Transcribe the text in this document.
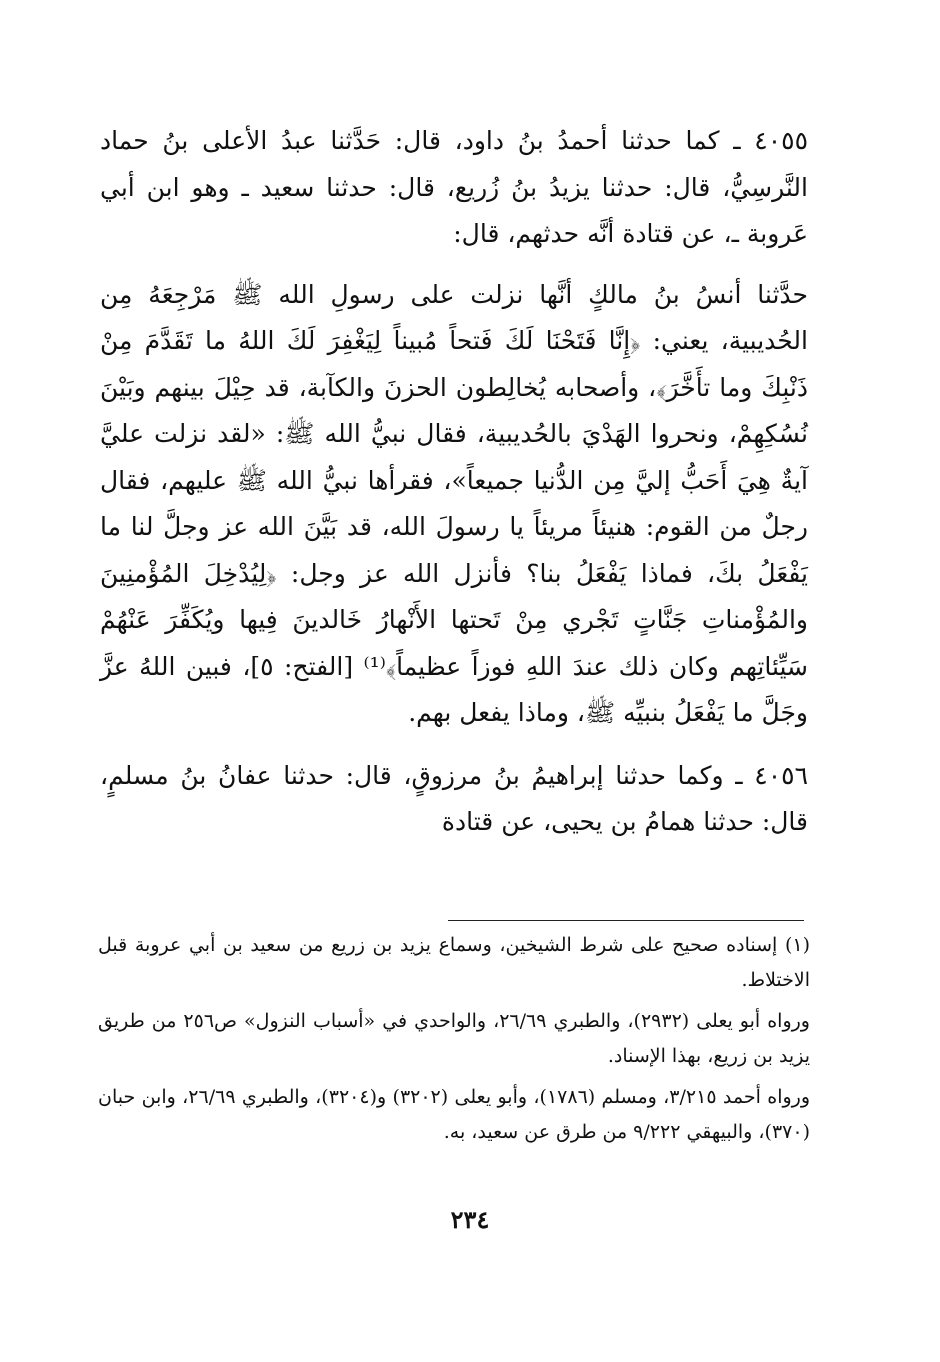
٤٠٥٥ ـ كما حدثنا أحمدُ بنُ داود، قال: حَدَّثنا عبدُ الأعلى بنُ حماد النَّرسِيُّ، قال: حدثنا يزيدُ بنُ زُريع، قال: حدثنا سعيد ـ وهو ابن أبي عَروبة ـ، عن قتادة أنَّه حدثهم، قال:

حدَّثنا أنسُ بنُ مالكٍ أنَّها نزلت على رسولِ الله ﷺ مَرْجِعَهُ مِن الحُديبية، يعني: ﴿إِنَّا فَتَحْنَا لَكَ فَتحاً مُبيناً لِيَغْفِرَ لَكَ اللهُ ما تَقَدَّمَ مِنْ ذَنْبِكَ وما تأَخَّرَ﴾، وأصحابه يُخالِطون الحزنَ والكآبة، قد حِيْلَ بينهم وبَيْنَ نُسُكِهِمْ، ونحروا الهَدْيَ بالحُديبية، فقال نبيُّ الله ﷺ: «لقد نزلت عليَّ آيةٌ هِيَ أَحَبُّ إليَّ مِن الدُّنيا جميعاً»، فقرأها نبيُّ الله ﷺ عليهم، فقال رجلٌ من القوم: هنيئاً مريئاً يا رسولَ الله، قد بَيَّنَ الله عز وجلَّ لنا ما يَفْعَلُ بكَ، فماذا يَفْعَلُ بنا؟ فأنزل الله عز وجل: ﴿لِيُدْخِلَ المُؤْمنِينَ والمُؤْمناتِ جَنَّاتٍ تَجْري مِنْ تَحتها الأَنْهارُ خَالدينَ فِيها ويُكَفِّرَ عَنْهُمْ سَيِّئاتِهم وكان ذلك عندَ اللهِ فوزاً عظيماً﴾⁽¹⁾ [الفتح: ٥]، فبين اللهُ عزَّ وجَلَّ ما يَفْعَلُ بنبيِّه ﷺ، وماذا يفعل بهم.

٤٠٥٦ ـ وكما حدثنا إبراهيمُ بنُ مرزوقٍ، قال: حدثنا عفانُ بنُ مسلمٍ، قال: حدثنا همامُ بن يحيى، عن قتادة

(١) إسناده صحيح على شرط الشيخين، وسماع يزيد بن زريع من سعيد بن أبي عروبة قبل الاختلاط.

ورواه أبو يعلى (٢٩٣٢)، والطبري ٢٦/٦٩، والواحدي في «أسباب النزول» ص٢٥٦ من طريق يزيد بن زريع، بهذا الإسناد.

ورواه أحمد ٣/٢١٥، ومسلم (١٧٨٦)، وأبو يعلى (٣٢٠٢) و(٣٢٠٤)، والطبري ٢٦/٦٩، وابن حبان (٣٧٠)، والبيهقي ٩/٢٢٢ من طرق عن سعيد، به.

٢٣٤
